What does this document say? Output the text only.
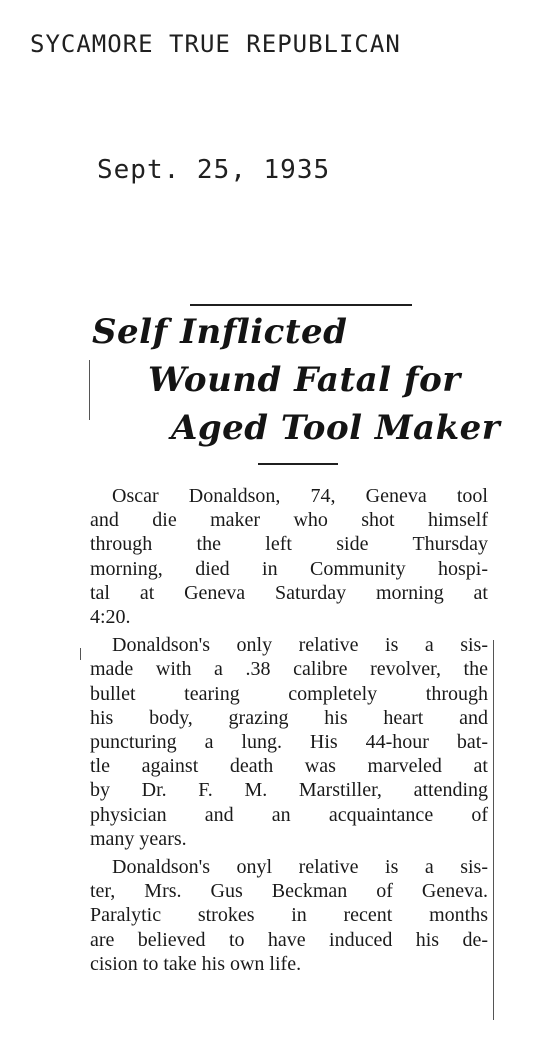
SYCAMORE TRUE REPUBLICAN
Sept. 25, 1935
Self Inflicted
Wound Fatal for
Aged Tool Maker
Oscar Donaldson, 74, Geneva tool
and die maker who shot himself
through the left side Thursday
morning, died in Community hospi-
tal at Geneva Saturday morning at
4:20.
Donaldson's only relative is a sis-
made with a .38 calibre revolver, the
bullet tearing completely through
his body, grazing his heart and
puncturing a lung. His 44-hour bat-
tle against death was marveled at
by Dr. F. M. Marstiller, attending
physician and an acquaintance of
many years.
Donaldson's onyl relative is a sis-
ter, Mrs. Gus Beckman of Geneva.
Paralytic strokes in recent months
are believed to have induced his de-
cision to take his own life.
